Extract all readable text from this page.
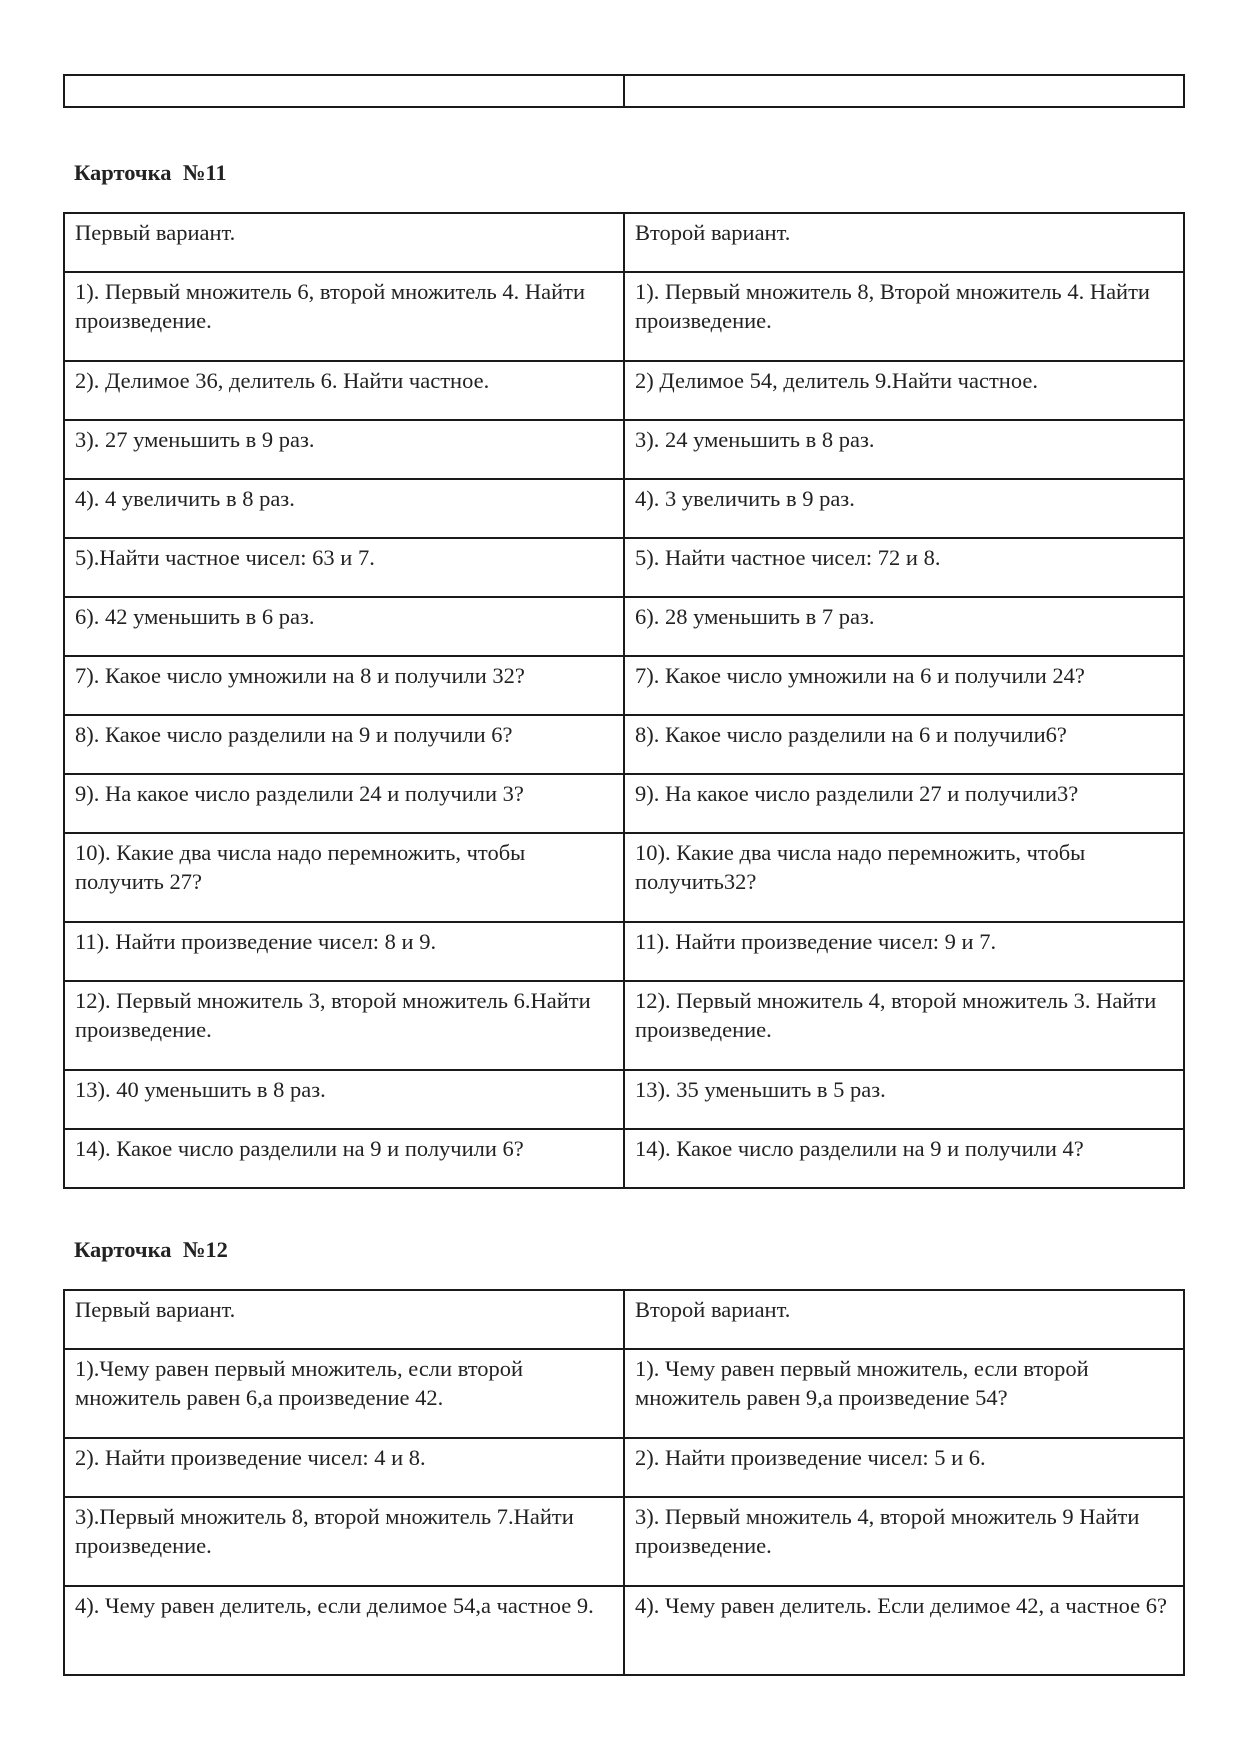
Карточка  №11
Первый вариант.	Второй вариант.
1). Первый множитель 6, второй множитель 4. Найти произведение.	1). Первый множитель 8, Второй множитель 4. Найти произведение.
2). Делимое 36, делитель 6. Найти частное.	2) Делимое 54, делитель 9.Найти частное.
3). 27 уменьшить в 9 раз.	3). 24 уменьшить в 8 раз.
4). 4 увеличить в 8 раз.	4). 3 увеличить в 9 раз.
5).Найти частное чисел: 63 и 7.	5). Найти частное чисел: 72 и 8.
6). 42 уменьшить в 6 раз.	6). 28 уменьшить в 7 раз.
7). Какое число умножили на 8 и получили 32?	7). Какое число умножили на 6 и получили 24?
8). Какое число разделили на 9 и получили 6?	8). Какое число разделили на 6 и получили6?
9). На какое число разделили 24 и получили 3?	9). На какое число разделили 27 и получили3?
10). Какие два числа надо перемножить, чтобы получить 27?	10). Какие два числа надо перемножить, чтобы получить32?
11). Найти произведение чисел: 8 и 9.	11). Найти произведение чисел: 9 и 7.
12). Первый множитель 3, второй множитель 6.Найти произведение.	12). Первый множитель 4, второй множитель 3. Найти произведение.
13). 40 уменьшить в 8 раз.	13). 35 уменьшить в 5 раз.
14). Какое число разделили на 9 и получили 6?	14). Какое число разделили на 9 и получили 4?
Карточка  №12
Первый вариант.	Второй вариант.
1).Чему равен первый множитель, если второй множитель равен 6,а произведение 42.	1). Чему равен первый множитель, если второй множитель равен 9,а произведение 54?
2). Найти произведение чисел: 4 и 8.	2). Найти произведение чисел: 5 и 6.
3).Первый множитель 8, второй множитель 7.Найти произведение.	3). Первый множитель 4, второй множитель 9 Найти произведение.
4). Чему равен делитель, если делимое 54,а частное 9.	4). Чему равен делитель. Если делимое 42, а частное 6?
